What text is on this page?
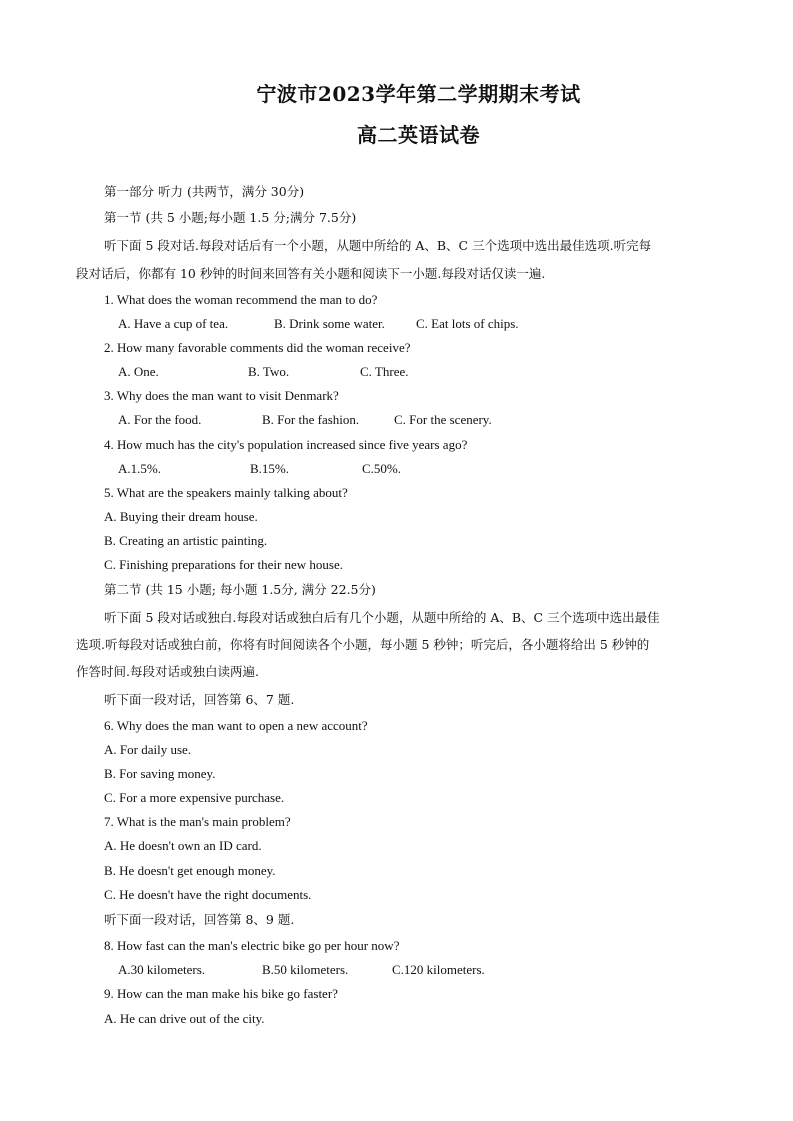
宁波市2023学年第二学期期末考试
高二英语试卷
第一部分 听力 (共两节，满分 30分)
第一节 (共 5 小题;每小题 1.5 分;满分 7.5分)
听下面 5 段对话.每段对话后有一个小题，从题中所给的 A、B、C 三个选项中选出最佳选项.听完每
段对话后，你都有 10 秒钟的时间来回答有关小题和阅读下一小题.每段对话仅读一遍.
1. What does the woman recommend the man to do?
A. Have a cup of tea.	B. Drink some water. C. Eat lots of chips.
2. How many favorable comments did the woman receive?
A. One.	B. Two.	C. Three.
3. Why does the man want to visit Denmark?
A. For the food.	B. For the fashion.	C. For the scenery.
4. How much has the city's population increased since five years ago?
A.1.5%.	B.15%.	C.50%.
5. What are the speakers mainly talking about?
A. Buying their dream house.
B. Creating an artistic painting.
C. Finishing preparations for their new house.
第二节 (共 15 小题; 每小题 1.5分, 满分 22.5分)
听下面 5 段对话或独白.每段对话或独白后有几个小题，从题中所给的 A、B、C 三个选项中选出最佳
选项.听每段对话或独白前，你将有时间阅读各个小题，每小题 5 秒钟；听完后，各小题将给出 5 秒钟的
作答时间.每段对话或独白读两遍.
听下面一段对话，回答第 6、7 题.
6. Why does the man want to open a new account?
A. For daily use.
B. For saving money.
C. For a more expensive purchase.
7. What is the man's main problem?
A. He doesn't own an ID card.
B. He doesn't get enough money.
C. He doesn't have the right documents.
听下面一段对话，回答第 8、9 题.
8. How fast can the man's electric bike go per hour now?
A.30 kilometers.	B.50 kilometers.	C.120 kilometers.
9. How can the man make his bike go faster?
A. He can drive out of the city.
